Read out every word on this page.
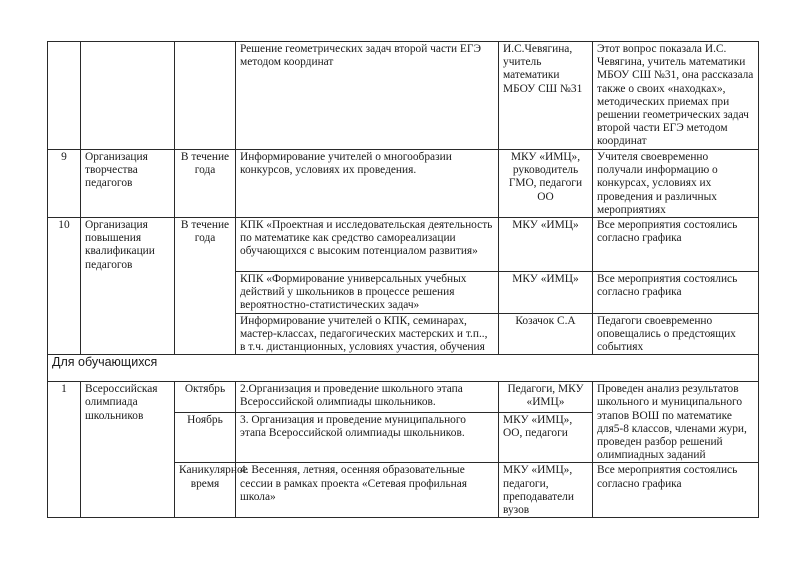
			Решение геометрических задач второй части ЕГЭ методом координат	И.С.Чевягина, учитель математики МБОУ СШ №31	Этот вопрос показала И.С. Чевягина, учитель математики МБОУ СШ №31, она рассказала также о своих «находках», методических приемах при решении геометрических задач второй части ЕГЭ методом координат
9	Организация творчества педагогов	В течение года	Информирование учителей о многообразии конкурсов, условиях их проведения.	МКУ «ИМЦ», руководитель ГМО, педагоги ОО	Учителя своевременно получали информацию о конкурсах, условиях их проведения и различных мероприятиях
10	Организация повышения квалификации педагогов	В течение года	КПК «Проектная и исследовательская деятельность по математике как средство самореализации обучающихся с высоким потенциалом развития»	МКУ «ИМЦ»	Все мероприятия состоялись согласно графика
			КПК «Формирование универсальных учебных действий у школьников в процессе решения вероятностно-статистических задач»	МКУ «ИМЦ»	Все мероприятия состоялись согласно графика
			Информирование учителей о КПК, семинарах, мастер-классах, педагогических мастерских и т.п.., в т.ч. дистанционных, условиях участия, обучения	Козачок С.А	Педагоги своевременно оповещались о предстоящих событиях
Для обучающихся					
1	Всероссийская олимпиада школьников	Октябрь	2.Организация и проведение школьного этапа Всероссийской олимпиады школьников.	Педагоги, МКУ «ИМЦ»	Проведен анализ результатов школьного и муниципального этапов ВОШ по математике для5-8 классов, членами жури, проведен разбор решений олимпиадных заданий
		Ноябрь	3. Организация и проведение муниципального этапа Всероссийской олимпиады школьников.	МКУ «ИМЦ», ОО, педагоги	
		Каникулярное время	4. Весенняя, летняя, осенняя образовательные сессии в рамках проекта «Сетевая профильная школа»	МКУ «ИМЦ», педагоги, преподаватели вузов	Все мероприятия состоялись согласно графика
